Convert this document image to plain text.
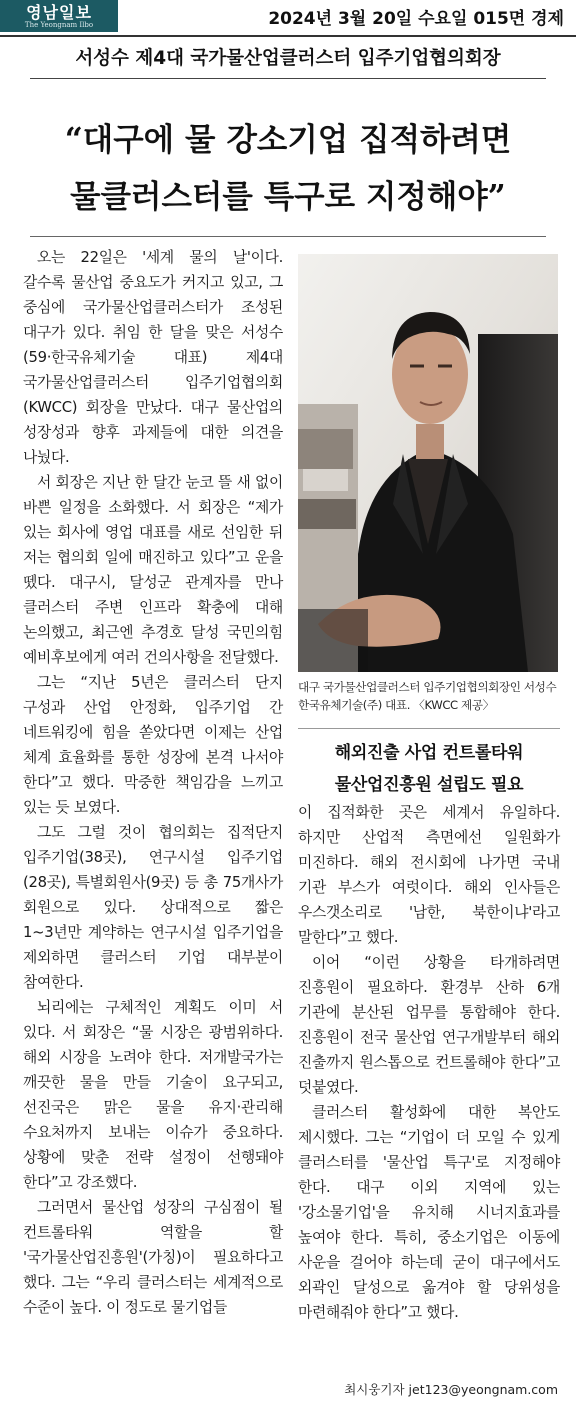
영남일보
The Yeongnam Ilbo	2024년 3월 20일 수요일 015면 경제
서성수 제4대 국가물산업클러스터 입주기업협의회장
“대구에 물 강소기업 집적하려면
물클러스터를 특구로 지정해야”

오는 22일은 '세계 물의 날'이다. 갈수록 물산업 중요도가 커지고 있고, 그 중심에 국가물산업클러스터가 조성된 대구가 있다. 취임 한 달을 맞은 서성수(59·한국유체기술 대표) 제4대 국가물산업클러스터 입주기업협의회(KWCC) 회장을 만났다. 대구 물산업의 성장성과 향후 과제들에 대한 의견을 나눴다.

서 회장은 지난 한 달간 눈코 뜰 새 없이 바쁜 일정을 소화했다. 서 회장은 “제가 있는 회사에 영업 대표를 새로 선임한 뒤 저는 협의회 일에 매진하고 있다”고 운을 뗐다. 대구시, 달성군 관계자를 만나 클러스터 주변 인프라 확충에 대해 논의했고, 최근엔 추경호 달성 국민의힘 예비후보에게 여러 건의사항을 전달했다.

그는 “지난 5년은 클러스터 단지 구성과 산업 안정화, 입주기업 간 네트워킹에 힘을 쏟았다면 이제는 산업 체계 효율화를 통한 성장에 본격 나서야 한다”고 했다. 막중한 책임감을 느끼고 있는 듯 보였다.

그도 그럴 것이 협의회는 집적단지 입주기업(38곳), 연구시설 입주기업(28곳), 특별회원사(9곳) 등 총 75개사가 회원으로 있다. 상대적으로 짧은 1~3년만 계약하는 연구시설 입주기업을 제외하면 클러스터 기업 대부분이 참여한다.

뇌리에는 구체적인 계획도 이미 서 있다. 서 회장은 “물 시장은 광범위하다. 해외 시장을 노려야 한다. 저개발국가는 깨끗한 물을 만들 기술이 요구되고, 선진국은 맑은 물을 유지·관리해 수요처까지 보내는 이슈가 중요하다. 상황에 맞춘 전략 설정이 선행돼야 한다”고 강조했다.

그러면서 물산업 성장의 구심점이 될 컨트롤타워 역할을 할 '국가물산업진흥원'(가칭)이 필요하다고 했다. 그는 “우리 클러스터는 세계적으로 수준이 높다. 이 정도로 물기업들

대구 국가물산업클러스터 입주기업협의회장인 서성수 한국유체기술(주) 대표. 〈KWCC 제공〉
해외진출 사업 컨트롤타워
물산업진흥원 설립도 필요

이 집적화한 곳은 세계서 유일하다. 하지만 산업적 측면에선 일원화가 미진하다. 해외 전시회에 나가면 국내 기관 부스가 여럿이다. 해외 인사들은 우스갯소리로 '남한, 북한이냐'라고 말한다”고 했다.

이어 “이런 상황을 타개하려면 진흥원이 필요하다. 환경부 산하 6개 기관에 분산된 업무를 통합해야 한다. 진흥원이 전국 물산업 연구개발부터 해외 진출까지 원스톱으로 컨트롤해야 한다”고 덧붙였다.

클러스터 활성화에 대한 복안도 제시했다. 그는 “기업이 더 모일 수 있게 클러스터를 '물산업 특구'로 지정해야 한다. 대구 이외 지역에 있는 '강소물기업'을 유치해 시너지효과를 높여야 한다. 특히, 중소기업은 이동에 사운을 걸어야 하는데 굳이 대구에서도 외곽인 달성으로 옮겨야 할 당위성을 마련해줘야 한다”고 했다.

최시웅기자 jet123@yeongnam.com
